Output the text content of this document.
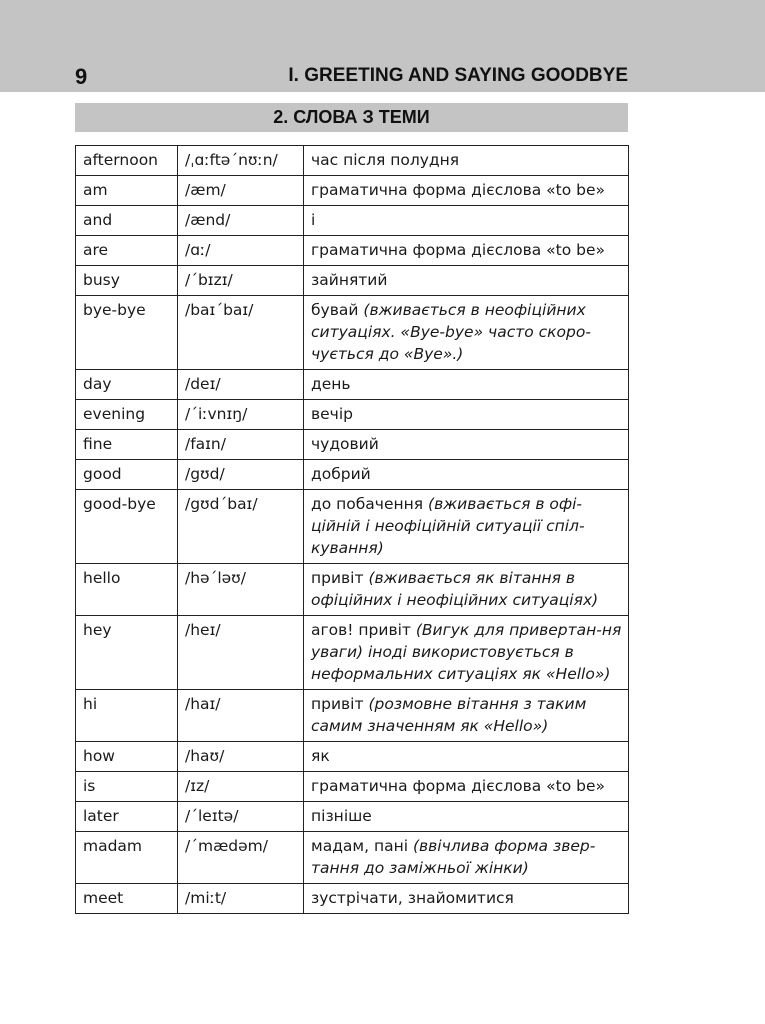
9	I. GREETING AND SAYING GOODBYE
2. СЛОВА З ТЕМИ
afternoon	/ˌɑːftəˊnʊːn/	час після полудня
am	/æm/	граматична форма дієслова «to be»
and	/ænd/	і
are	/ɑː/	граматична форма дієслова «to be»
busy	/ˊbɪzɪ/	зайнятий
bye-bye	/baɪˊbaɪ/	бувай (вживається в неофіційних ситуаціях. «Bye-bye» часто скоро-чується до «Bye».)
day	/deɪ/	день
evening	/ˊiːvnɪŋ/	вечір
fine	/faɪn/	чудовий
good	/gʊd/	добрий
good-bye	/gʊdˊbaɪ/	до побачення (вживається в офі-ційній і неофіційній ситуації спіл-кування)
hello	/həˊləʊ/	привіт (вживається як вітання в офіційних і неофіційних ситуаціях)
hey	/heɪ/	агов! привіт (Вигук для привертан-ня уваги) іноді використовується в неформальних ситуаціях як «Hello»)
hi	/haɪ/	привіт (розмовне вітання з таким самим значенням як «Hello»)
how	/haʊ/	як
is	/ɪz/	граматична форма дієслова «to be»
later	/ˊleɪtə/	пізніше
madam	/ˊmædəm/	мадам, пані (ввічлива форма звер-тання до заміжньої жінки)
meet	/miːt/	зустрічати, знайомитися
